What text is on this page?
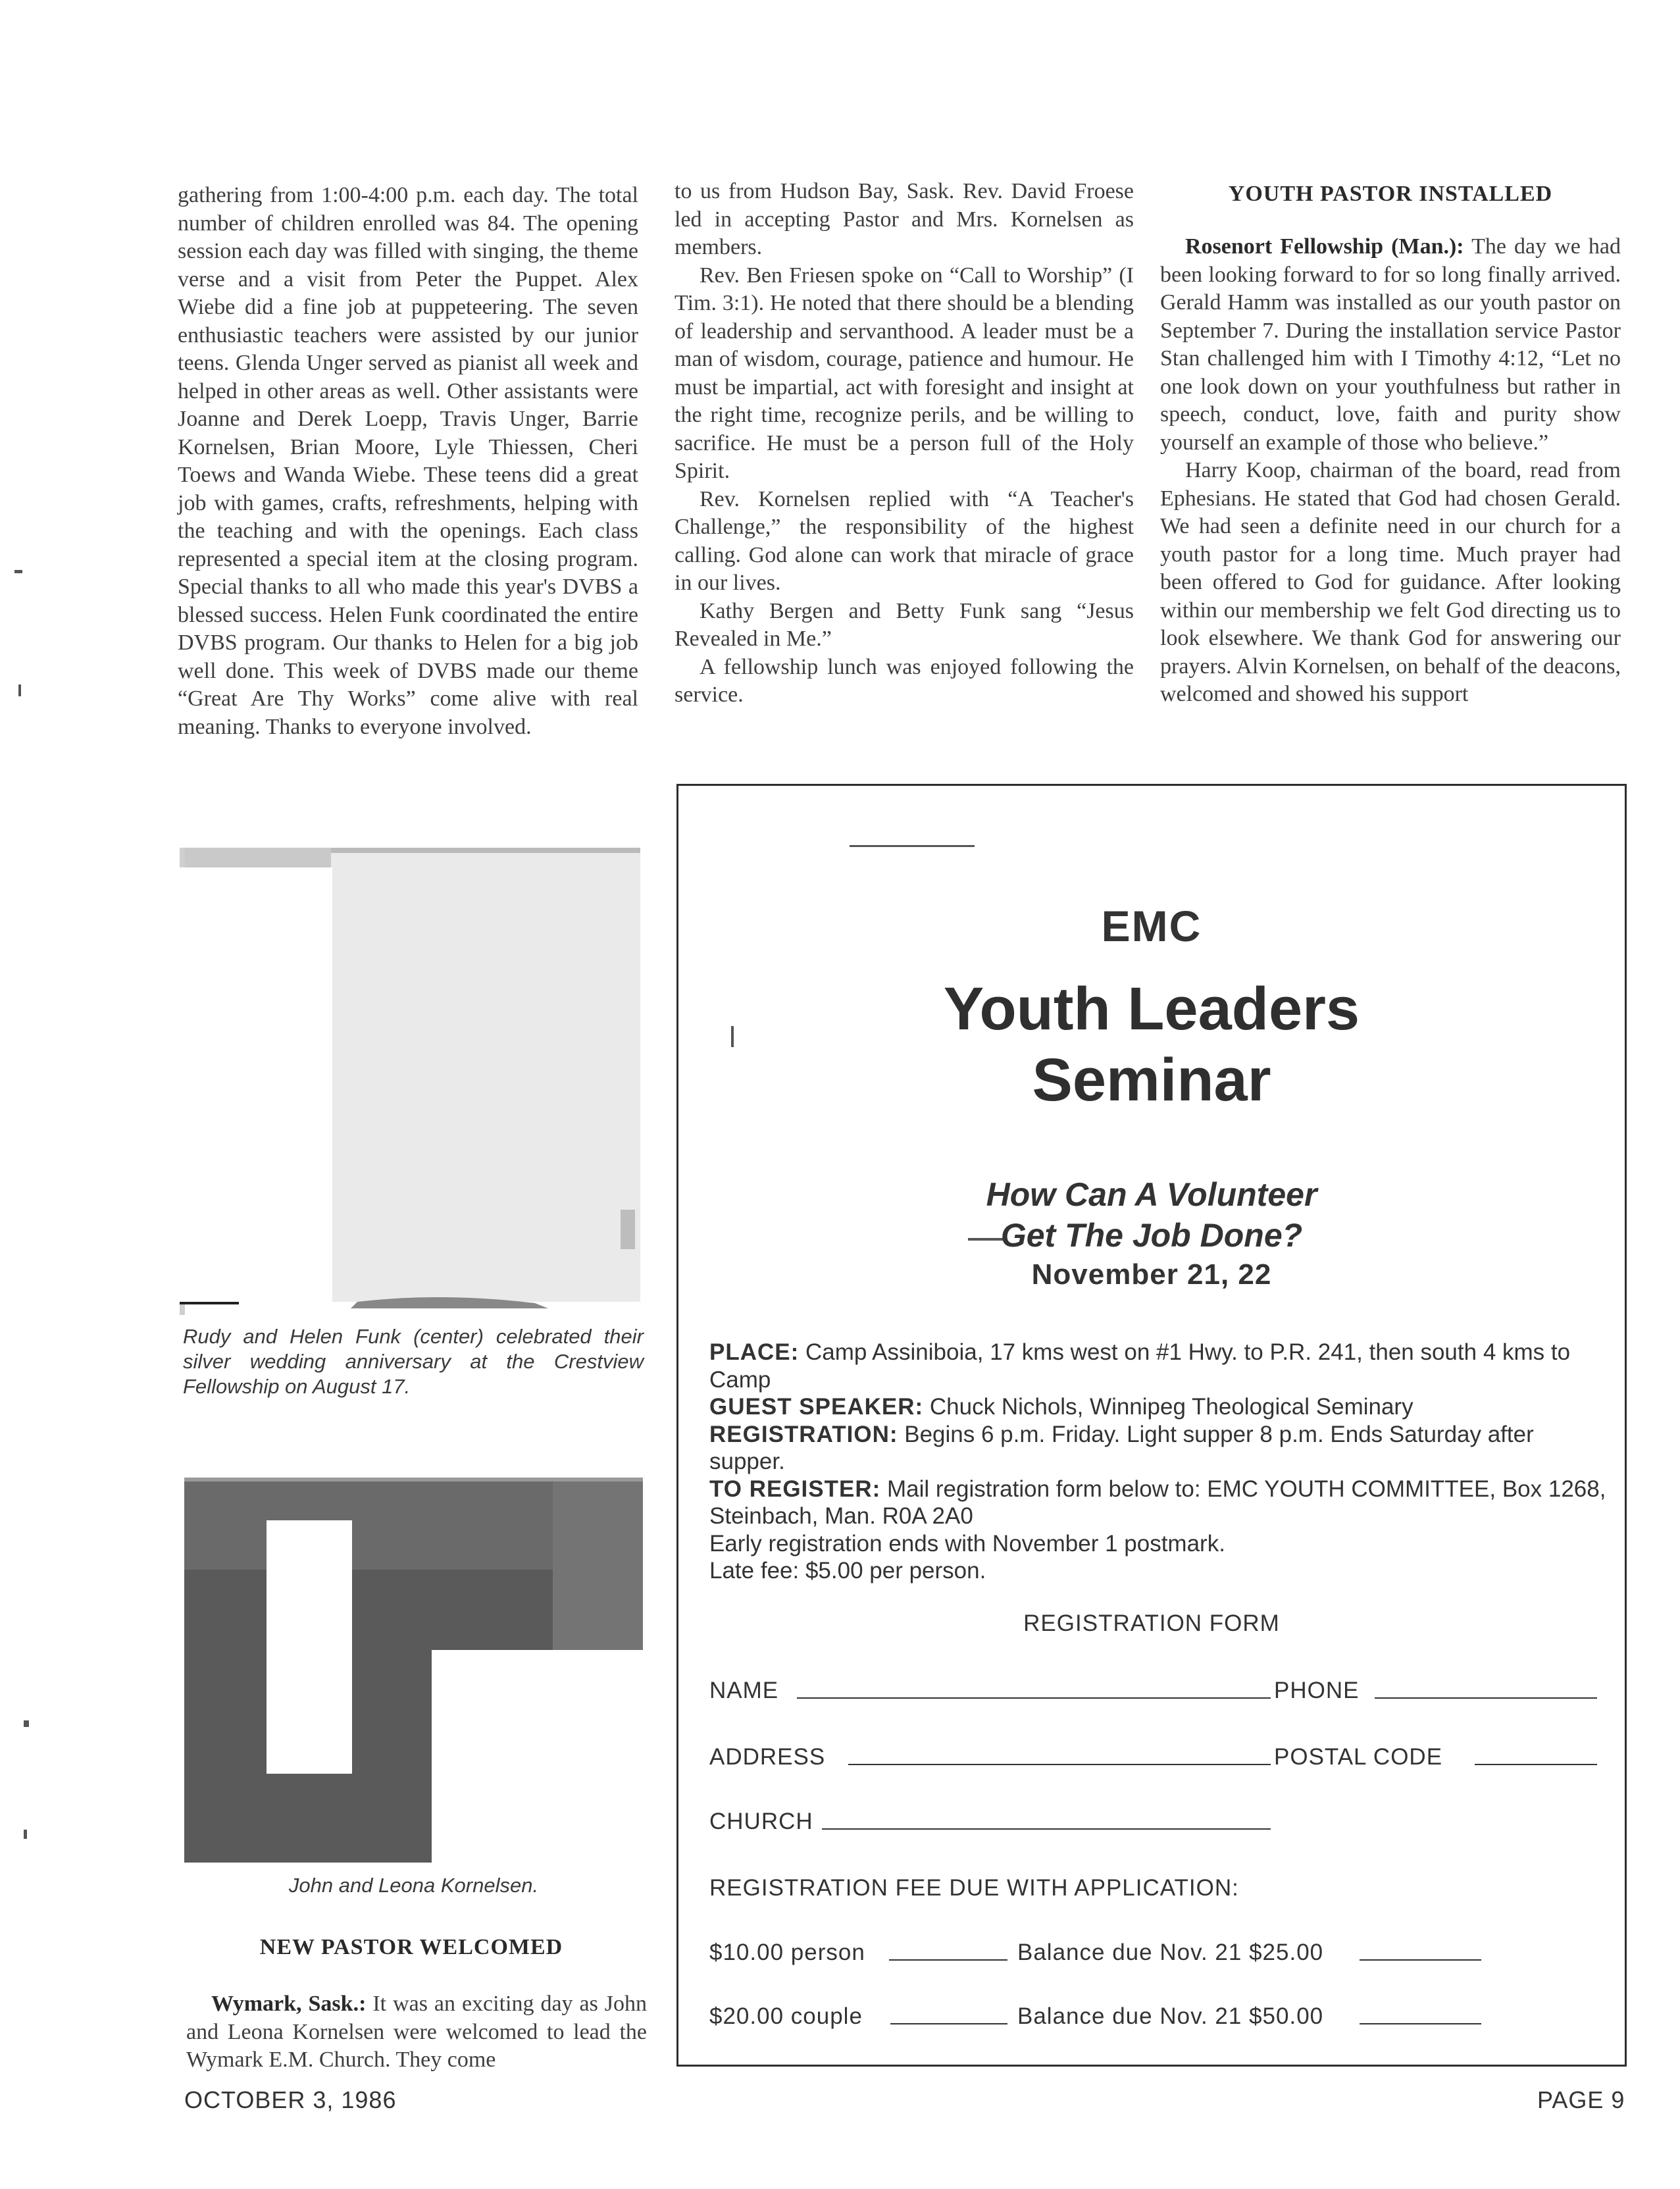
gathering from 1:00-4:00 p.m. each day. The total number of children enrolled was 84. The opening session each day was filled with singing, the theme verse and a visit from Peter the Puppet. Alex Wiebe did a fine job at puppeteering. The seven enthusiastic teachers were assisted by our junior teens. Glenda Unger served as pianist all week and helped in other areas as well. Other assistants were Joanne and Derek Loepp, Travis Unger, Barrie Kornelsen, Brian Moore, Lyle Thiessen, Cheri Toews and Wanda Wiebe. These teens did a great job with games, crafts, refreshments, helping with the teaching and with the openings. Each class represented a special item at the closing program. Special thanks to all who made this year's DVBS a blessed success. Helen Funk coordinated the entire DVBS program. Our thanks to Helen for a big job well done. This week of DVBS made our theme “Great Are Thy Works” come alive with real meaning. Thanks to everyone involved.

Rudy and Helen Funk (center) celebrated their silver wedding anniversary at the Crestview Fellowship on August 17.
John and Leona Kornelsen.
NEW PASTOR WELCOMED

Wymark, Sask.: It was an exciting day as John and Leona Kornelsen were welcomed to lead the Wymark E.M. Church. They come

to us from Hudson Bay, Sask. Rev. David Froese led in accepting Pastor and Mrs. Kornelsen as members.

Rev. Ben Friesen spoke on “Call to Worship” (I Tim. 3:1). He noted that there should be a blending of leadership and servanthood. A leader must be a man of wisdom, courage, patience and humour. He must be impartial, act with foresight and insight at the right time, recognize perils, and be willing to sacrifice. He must be a person full of the Holy Spirit.

Rev. Kornelsen replied with “A Teacher's Challenge,” the responsibility of the highest calling. God alone can work that miracle of grace in our lives.

Kathy Bergen and Betty Funk sang “Jesus Revealed in Me.”

A fellowship lunch was enjoyed following the service.

YOUTH PASTOR INSTALLED

Rosenort Fellowship (Man.): The day we had been looking forward to for so long finally arrived. Gerald Hamm was installed as our youth pastor on September 7. During the installation service Pastor Stan challenged him with I Timothy 4:12, “Let no one look down on your youthfulness but rather in speech, conduct, love, faith and purity show yourself an example of those who believe.”

Harry Koop, chairman of the board, read from Ephesians. He stated that God had chosen Gerald. We had seen a definite need in our church for a youth pastor for a long time. Much prayer had been offered to God for guidance. After looking within our membership we felt God directing us to look elsewhere. We thank God for answering our prayers. Alvin Kornelsen, on behalf of the deacons, welcomed and showed his support

EMC
Youth Leaders
Seminar
How Can A Volunteer
Get The Job Done?
November 21, 22

PLACE: Camp Assiniboia, 17 kms west on #1 Hwy. to P.R. 241, then south 4 kms to Camp

GUEST SPEAKER: Chuck Nichols, Winnipeg Theological Seminary

REGISTRATION: Begins 6 p.m. Friday. Light supper 8 p.m. Ends Saturday after supper.

TO REGISTER: Mail registration form below to: EMC YOUTH COMMITTEE, Box 1268, Steinbach, Man. R0A 2A0

Early registration ends with November 1 postmark.

Late fee: $5.00 per person.

REGISTRATION FORM
NAME	PHONE
ADDRESS	POSTAL CODE
CHURCH
REGISTRATION FEE DUE WITH APPLICATION:
$10.00 person	Balance due Nov. 21 $25.00
$20.00 couple	Balance due Nov. 21 $50.00
OCTOBER 3, 1986	PAGE 9
